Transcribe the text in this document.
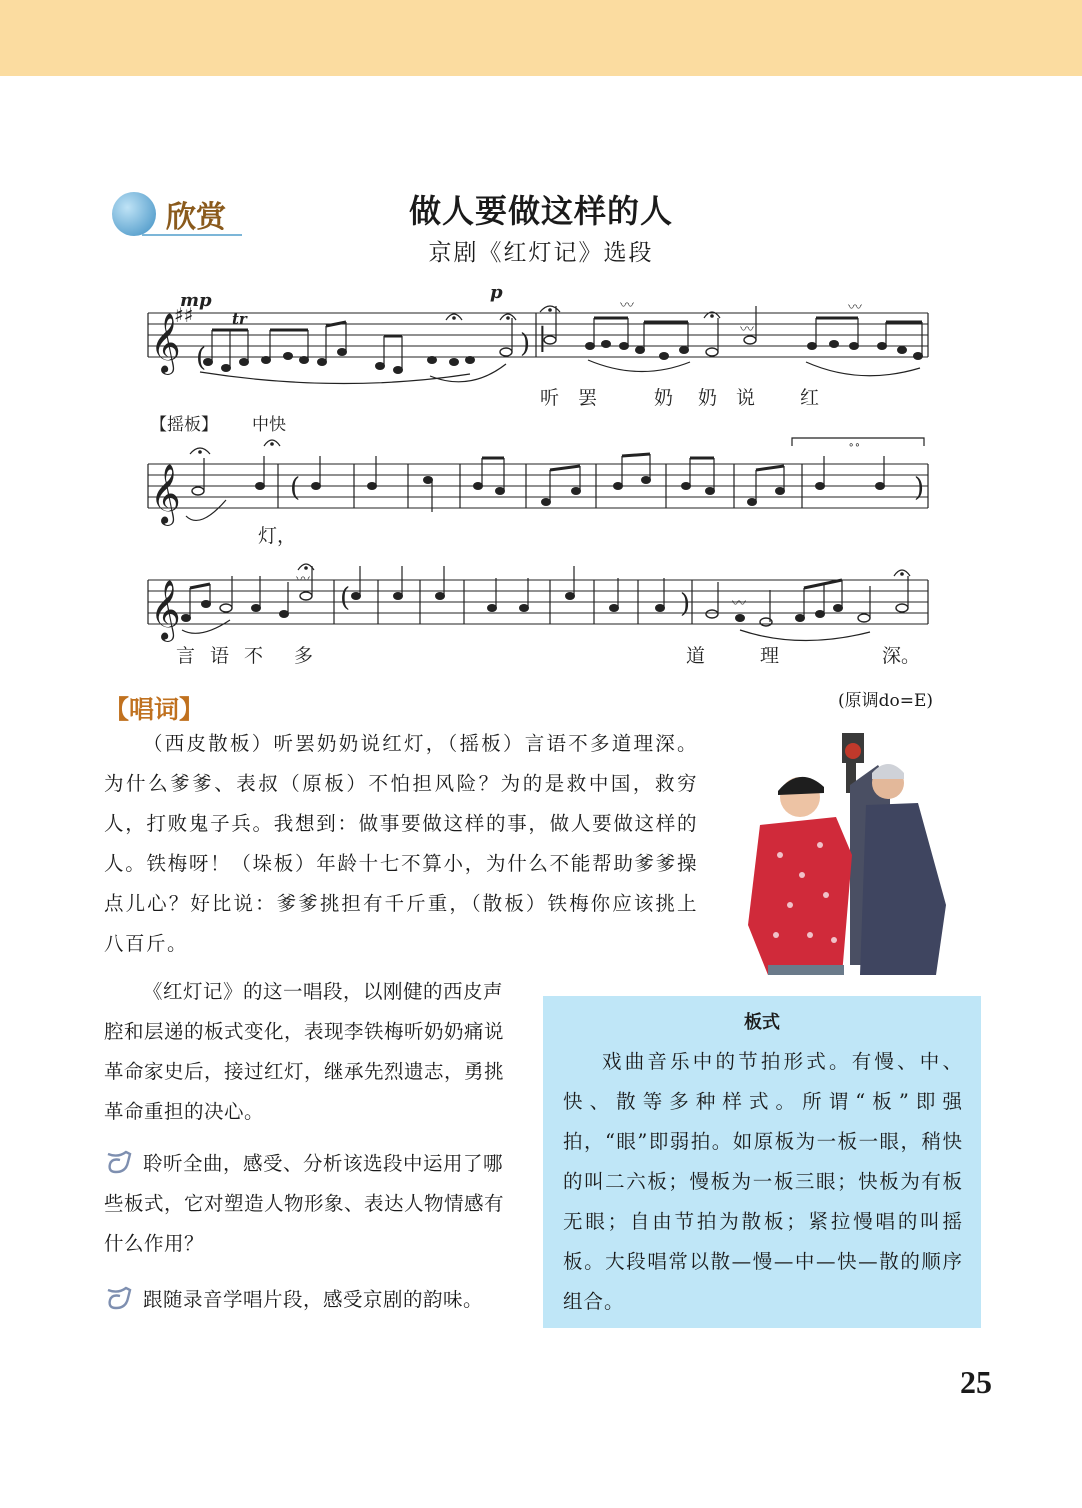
欣赏	做人要做这样的人
京剧《红灯记》选段
𝄞
𝄞
𝄞
♯♯
mp	p
tr
(	) |
(	)
(	)
〰	〰
〰
〰
〰
∘∘
听 罢	奶 奶 说 红
灯，
言 语 不 多	道	理	深。
【摇板】 中快
【唱词】	(原调do=E)

（西皮散板）听罢奶奶说红灯，（摇板）言语不多道理深。为什么爹爹、表叔（原板）不怕担风险？为的是救中国，救穷人，打败鬼子兵。我想到：做事要做这样的事，做人要做这样的人。铁梅呀！（垛板）年龄十七不算小，为什么不能帮助爹爹操点儿心？好比说：爹爹挑担有千斤重，（散板）铁梅你应该挑上八百斤。

《红灯记》的这一唱段，以刚健的西皮声腔和层递的板式变化，表现李铁梅听奶奶痛说革命家史后，接过红灯，继承先烈遗志，勇挑革命重担的决心。

聆听全曲，感受、分析该选段中运用了哪些板式，它对塑造人物形象、表达人物情感有什么作用？

跟随录音学唱片段，感受京剧的韵味。

板式

戏曲音乐中的节拍形式。有慢、中、快、散等多种样式。所谓“板”即强拍，“眼”即弱拍。如原板为一板一眼，稍快的叫二六板；慢板为一板三眼；快板为有板无眼；自由节拍为散板；紧拉慢唱的叫摇板。大段唱常以散—慢—中—快—散的顺序组合。

25
